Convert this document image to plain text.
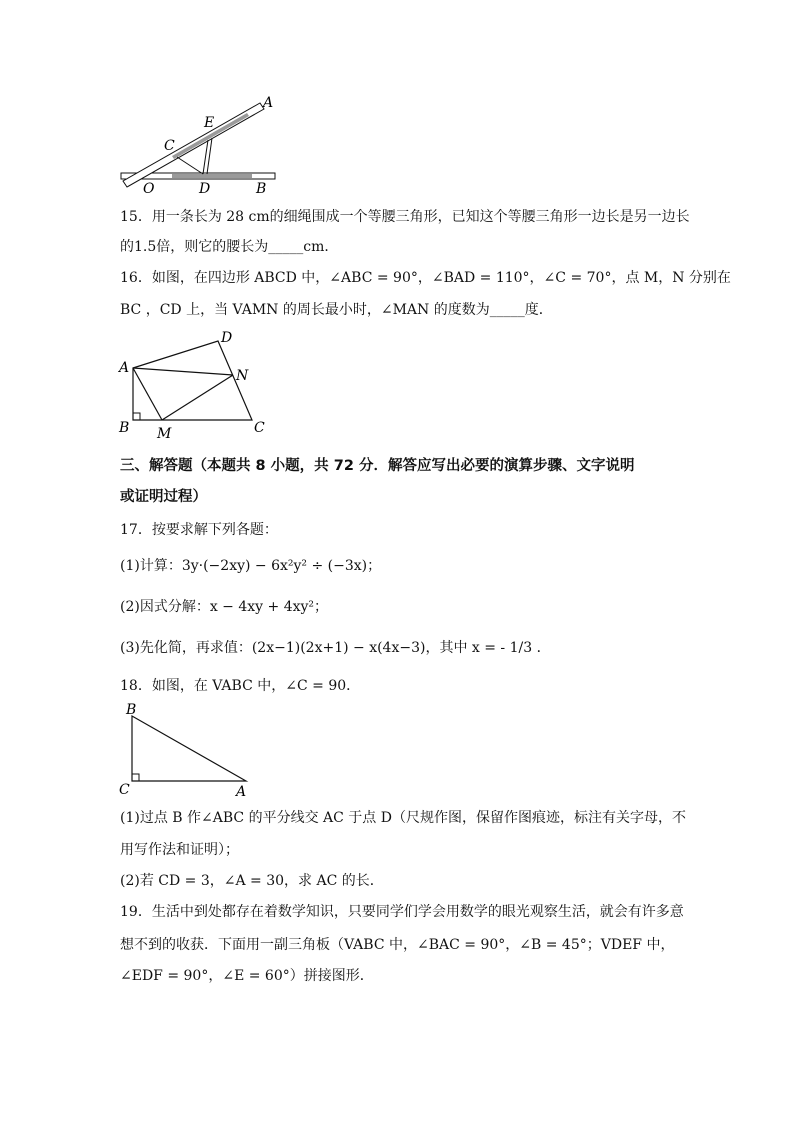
A
E
C
O	D	B
15．用一条长为 28 cm的细绳围成一个等腰三角形，已知这个等腰三角形一边长是另一边长
的1.5倍，则它的腰长为_____cm．
16．如图，在四边形 ABCD 中，∠ABC = 90°，∠BAD = 110°，∠C = 70°，点 M，N 分别在
BC ，CD 上，当 VAMN 的周长最小时，∠MAN 的度数为_____度．
A
D
N
B M	C
三、解答题（本题共 8 小题，共 72 分．解答应写出必要的演算步骤、文字说明
或证明过程）
17．按要求解下列各题：
(1)计算：3y·(−2xy) − 6x²y² ÷ (−3x)；
(2)因式分解：x − 4xy + 4xy²；
(3)先化简，再求值：(2x−1)(2x+1) − x(4x−3)，其中 x = - 1/3 ．
18．如图，在 VABC 中，∠C = 90．
B
C	A
(1)过点 B 作∠ABC 的平分线交 AC 于点 D（尺规作图，保留作图痕迹，标注有关字母，不
用写作法和证明）；
(2)若 CD = 3，∠A = 30，求 AC 的长．
19．生活中到处都存在着数学知识，只要同学们学会用数学的眼光观察生活，就会有许多意
想不到的收获．下面用一副三角板（VABC 中，∠BAC = 90°，∠B = 45°；VDEF 中，
∠EDF = 90°，∠E = 60°）拼接图形．
